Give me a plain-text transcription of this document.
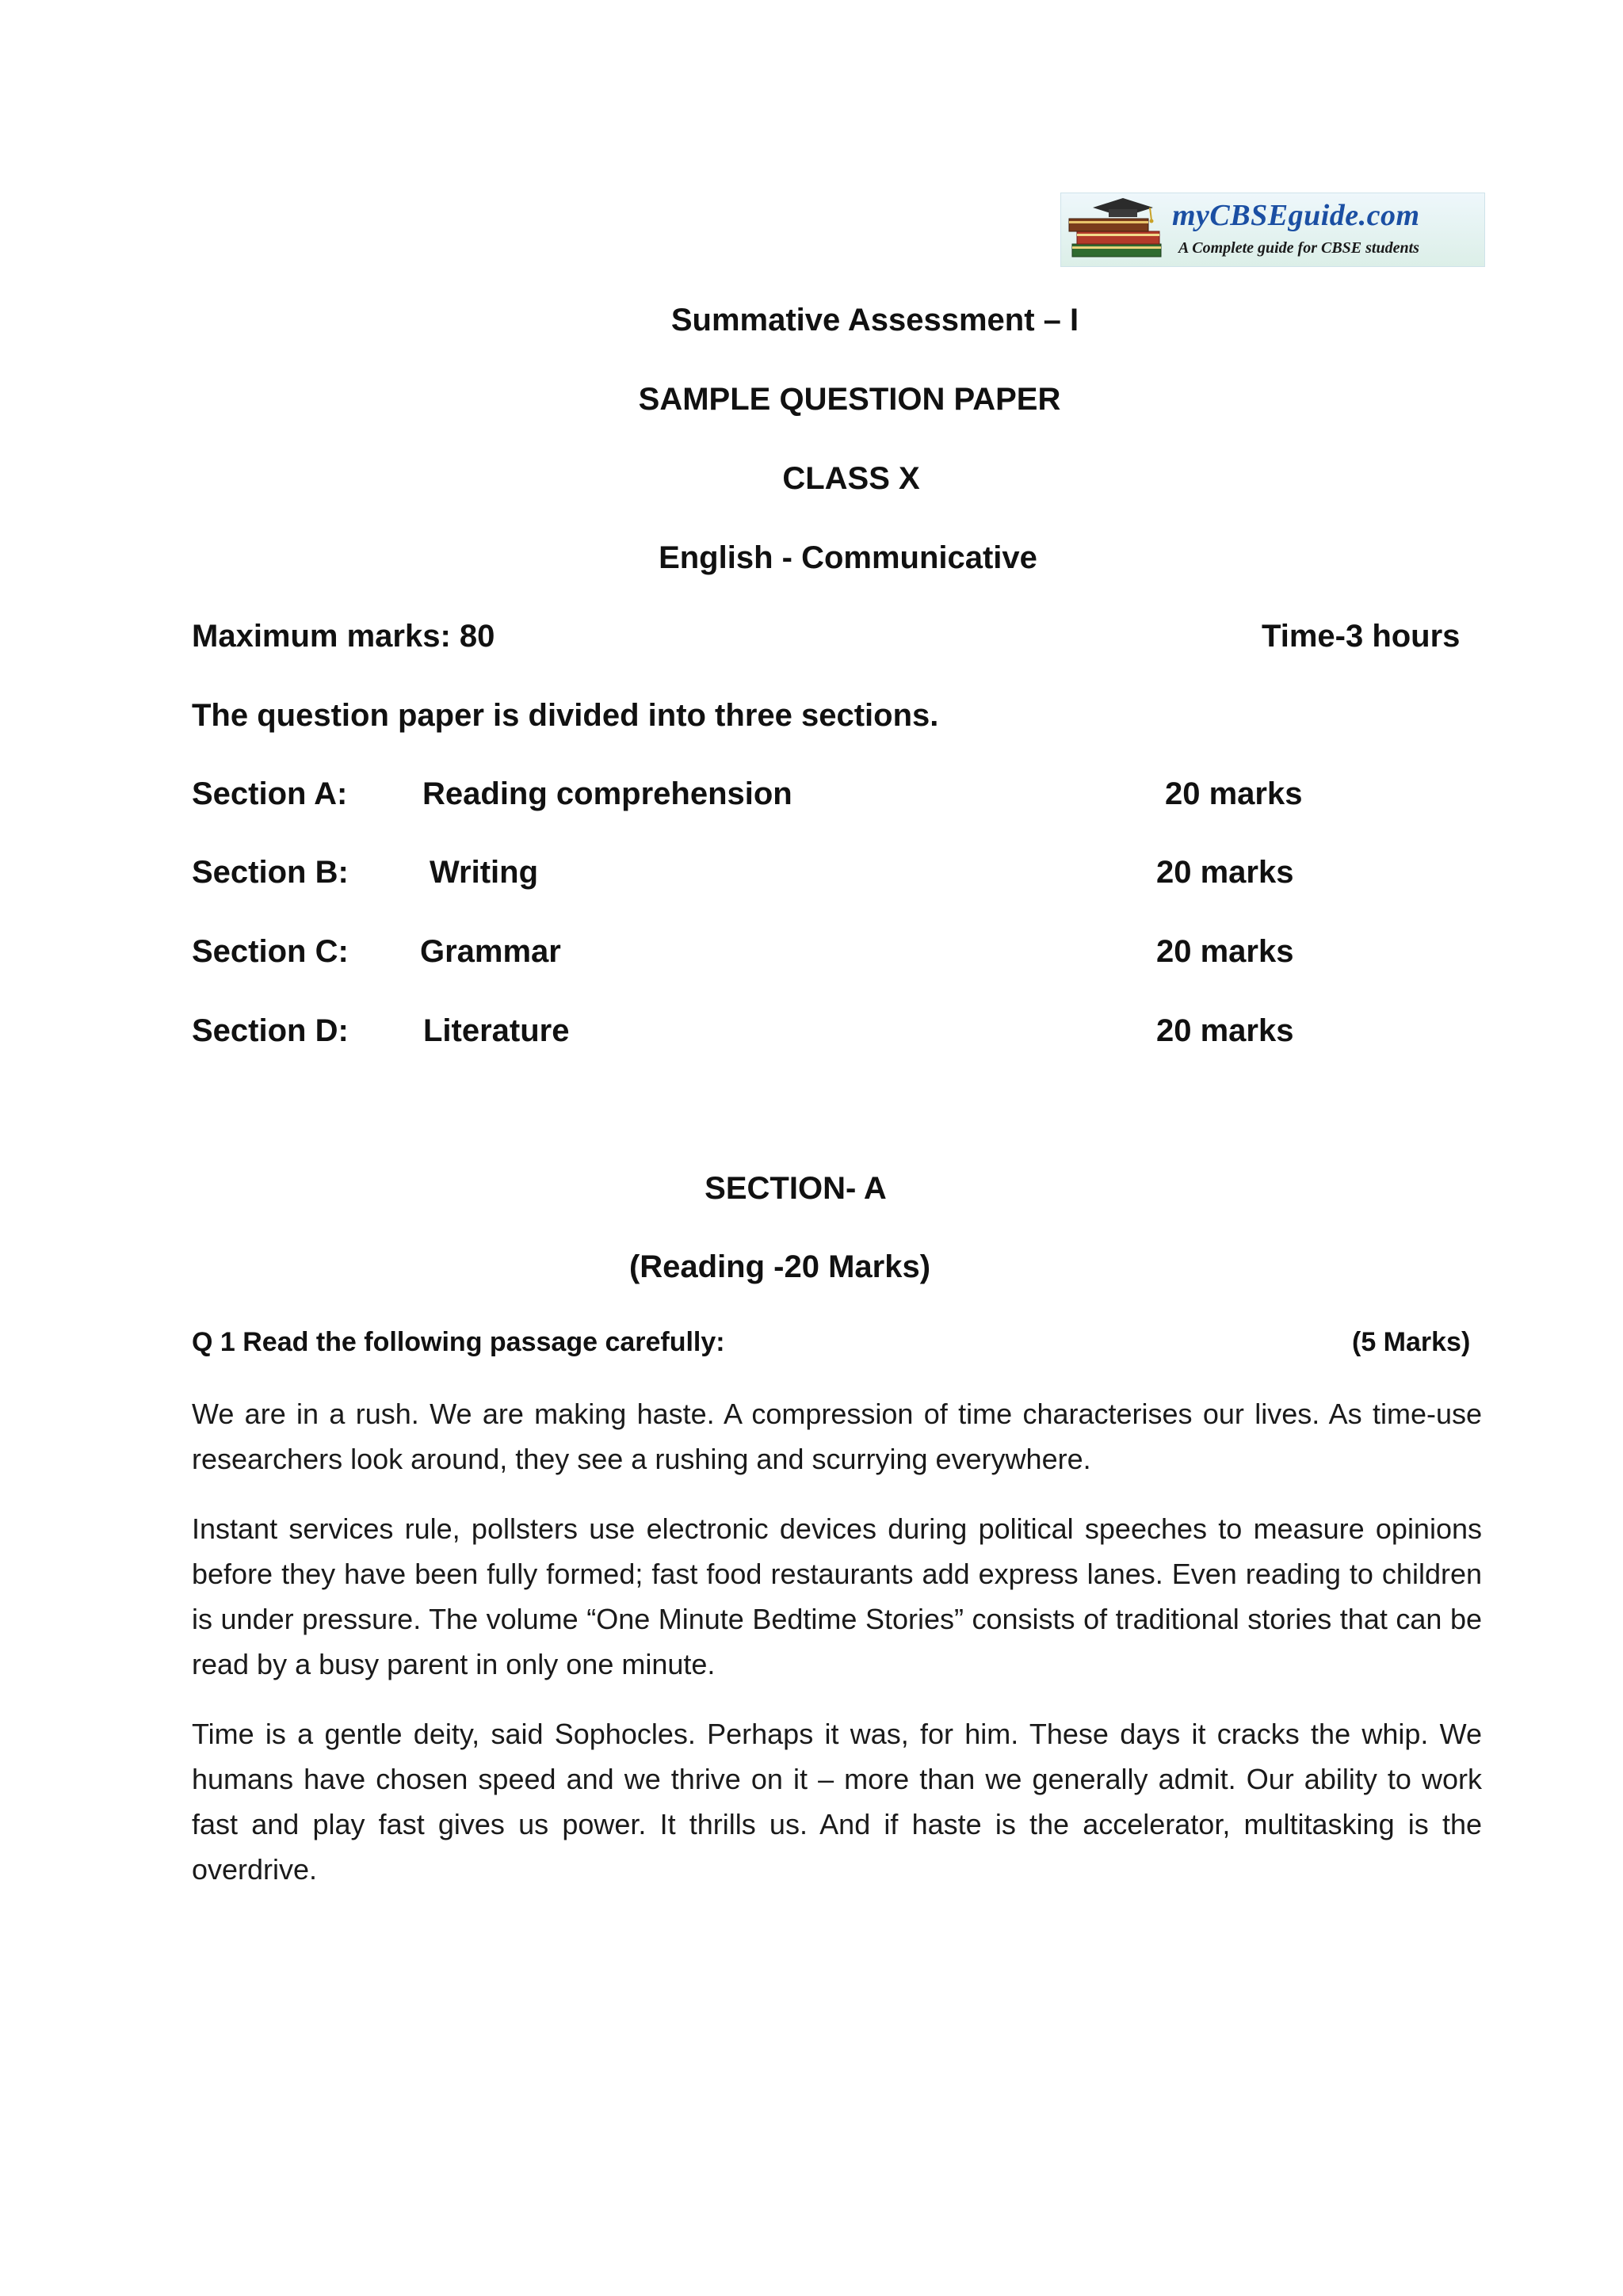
myCBSEguide.com
A Complete guide for CBSE students
Summative Assessment – I
SAMPLE QUESTION PAPER
CLASS X
English - Communicative
Maximum marks: 80	Time-3 hours
The question paper is divided into three sections.
Section A: Reading comprehension	20 marks
Section B:	Writing	20 marks
Section C: Grammar	20 marks
Section D: Literature	20 marks
SECTION- A
(Reading -20 Marks)
Q 1 Read the following passage carefully:	(5 Marks)

We are in a rush. We are making haste. A compression of time characterises our lives. As time-use researchers look around, they see a rushing and scurrying everywhere.

Instant services rule, pollsters use electronic devices during political speeches to measure opinions before they have been fully formed; fast food restaurants add express lanes. Even reading to children is under pressure. The volume “One Minute Bedtime Stories” consists of traditional stories that can be read by a busy parent in only one minute.

Time is a gentle deity, said Sophocles. Perhaps it was, for him. These days it cracks the whip. We humans have chosen speed and we thrive on it – more than we generally admit. Our ability to work fast and play fast gives us power. It thrills us. And if haste is the accelerator, multitasking is the overdrive.
